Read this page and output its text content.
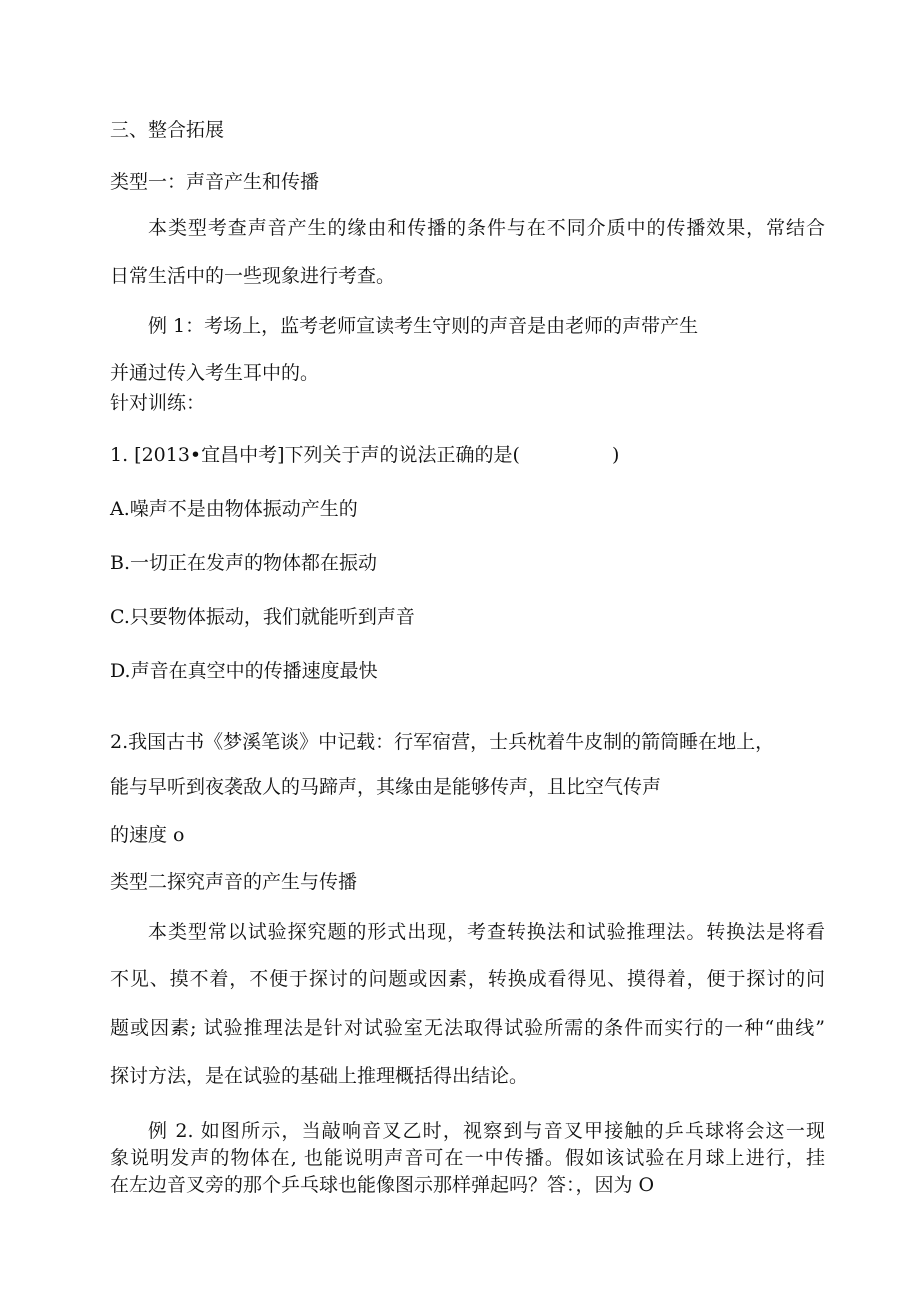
三、整合拓展
类型一：声音产生和传播
本类型考查声音产生的缘由和传播的条件与在不同介质中的传播效果，常结合
日常生活中的一些现象进行考查。
例 1：考场上，监考老师宣读考生守则的声音是由老师的声带产生
并通过传入考生耳中的。
针对训练：
1. [2013•宜昌中考]下列关于声的说法正确的是(	)
A.噪声不是由物体振动产生的
B.一切正在发声的物体都在振动
C.只要物体振动，我们就能听到声音
D.声音在真空中的传播速度最快
2.我国古书《梦溪笔谈》中记载：行军宿营，士兵枕着牛皮制的箭筒睡在地上，
能与早听到夜袭敌人的马蹄声，其缘由是能够传声，且比空气传声
的速度 o
类型二探究声音的产生与传播
本类型常以试验探究题的形式出现，考查转换法和试验推理法。转换法是将看
不见、摸不着，不便于探讨的问题或因素，转换成看得见、摸得着，便于探讨的问
题或因素; 试验推理法是针对试验室无法取得试验所需的条件而实行的一种“曲线”
探讨方法，是在试验的基础上推理概括得出结论。
例 2. 如图所示，当敲响音叉乙时，视察到与音叉甲接触的乒乓球将会这一现
象说明发声的物体在, 也能说明声音可在一中传播。假如该试验在月球上进行，挂
在左边音叉旁的那个乒乓球也能像图示那样弹起吗？答：，因为 O
